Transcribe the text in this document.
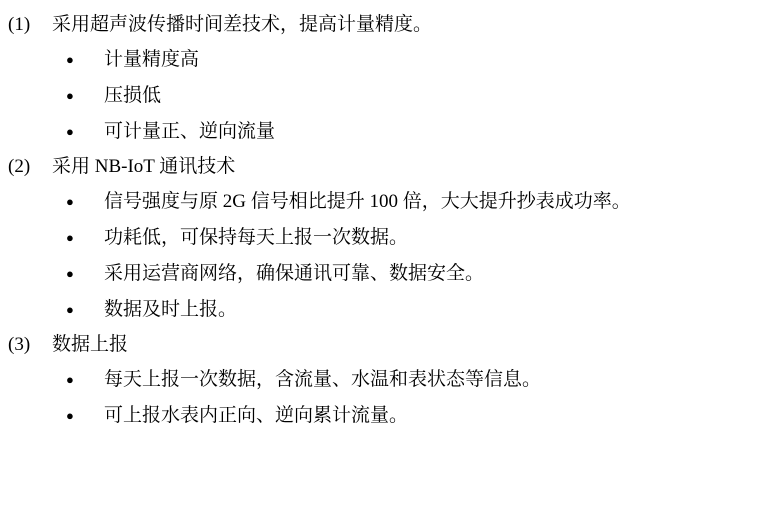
(1)	采用超声波传播时间差技术，提高计量精度。
●	计量精度高
●	压损低
●	可计量正、逆向流量
(2)	采用 NB-IoT 通讯技术
●	信号强度与原 2G 信号相比提升 100 倍，大大提升抄表成功率。
●	功耗低，可保持每天上报一次数据。
●	采用运营商网络，确保通讯可靠、数据安全。
●	数据及时上报。
(3)	数据上报
●	每天上报一次数据，含流量、水温和表状态等信息。
●	可上报水表内正向、逆向累计流量。
